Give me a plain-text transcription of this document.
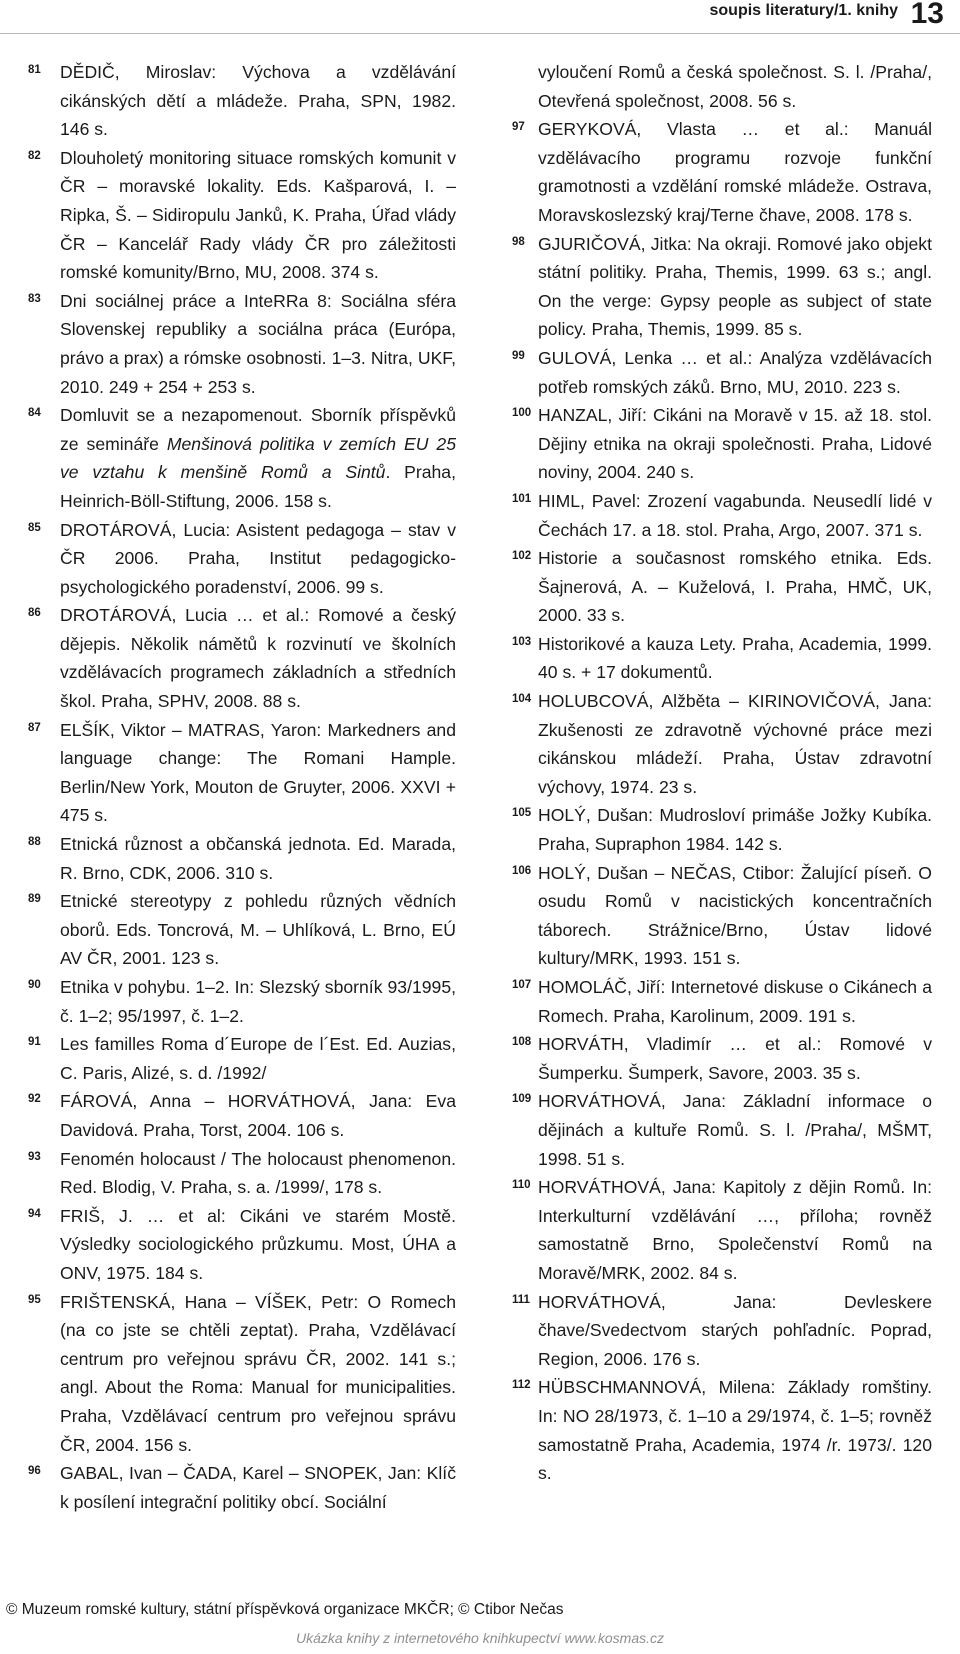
soupis literatury/1. knihy 13
81 DĚDIČ, Miroslav: Výchova a vzdělávání cikánských dětí a mládeže. Praha, SPN, 1982. 146 s.
82 Dlouholetý monitoring situace romských komunit v ČR – moravské lokality. Eds. Kašparová, I. – Ripka, Š. – Sidiropulu Janků, K. Praha, Úřad vlády ČR – Kancelář Rady vlády ČR pro záležitosti romské komunity/Brno, MU, 2008. 374 s.
83 Dni sociálnej práce a InteRRa 8: Sociálna sféra Slovenskej republiky a sociálna práca (Európa, právo a prax) a rómske osobnosti. 1–3. Nitra, UKF, 2010. 249 + 254 + 253 s.
84 Domluvit se a nezapomenout. Sborník příspěvků ze semináře Menšinová politika v zemích EU 25 ve vztahu k menšině Romů a Sintů. Praha, Heinrich-Böll-Stiftung, 2006. 158 s.
85 DROTÁROVÁ, Lucia: Asistent pedagoga – stav v ČR 2006. Praha, Institut pedagogicko-psychologického poradenství, 2006. 99 s.
86 DROTÁROVÁ, Lucia … et al.: Romové a český dějepis. Několik námětů k rozvinutí ve školních vzdělávacích programech základních a středních škol. Praha, SPHV, 2008. 88 s.
87 ELŠÍK, Viktor – MATRAS, Yaron: Markedners and language change: The Romani Hample. Berlin/New York, Mouton de Gruyter, 2006. XXVI + 475 s.
88 Etnická různost a občanská jednota. Ed. Marada, R. Brno, CDK, 2006. 310 s.
89 Etnické stereotypy z pohledu různých vědních oborů. Eds. Toncrová, M. – Uhlíková, L. Brno, EÚ AV ČR, 2001. 123 s.
90 Etnika v pohybu. 1–2. In: Slezský sborník 93/1995, č. 1–2; 95/1997, č. 1–2.
91 Les familles Roma d´Europe de l´Est. Ed. Auzias, C. Paris, Alizé, s. d. /1992/
92 FÁROVÁ, Anna – HORVÁTHOVÁ, Jana: Eva Davidová. Praha, Torst, 2004. 106 s.
93 Fenomén holocaust / The holocaust phenomenon. Red. Blodig, V. Praha, s. a. /1999/, 178 s.
94 FRIŠ, J. … et al: Cikáni ve starém Mostě. Výsledky sociologického průzkumu. Most, ÚHA a ONV, 1975. 184 s.
95 FRIŠTENSKÁ, Hana – VÍŠEK, Petr: O Romech (na co jste se chtěli zeptat). Praha, Vzdělávací centrum pro veřejnou správu ČR, 2002. 141 s.; angl. About the Roma: Manual for municipalities. Praha, Vzdělávací centrum pro veřejnou správu ČR, 2004. 156 s.
96 GABAL, Ivan – ČADA, Karel – SNOPEK, Jan: Klíč k posílení integrační politiky obcí. Sociální
vyloučení Romů a česká společnost. S. l. /Praha/, Otevřená společnost, 2008. 56 s.
97 GERYKOVÁ, Vlasta … et al.: Manuál vzdělávacího programu rozvoje funkční gramotnosti a vzdělání romské mládeže. Ostrava, Moravskoslezský kraj/Terne čhave, 2008. 178 s.
98 GJURIČOVÁ, Jitka: Na okraji. Romové jako objekt státní politiky. Praha, Themis, 1999. 63 s.; angl. On the verge: Gypsy people as subject of state policy. Praha, Themis, 1999. 85 s.
99 GULOVÁ, Lenka … et al.: Analýza vzdělávacích potřeb romských záků. Brno, MU, 2010. 223 s.
100 HANZAL, Jiří: Cikáni na Moravě v 15. až 18. stol. Dějiny etnika na okraji společnosti. Praha, Lidové noviny, 2004. 240 s.
101 HIML, Pavel: Zrození vagabunda. Neusedlí lidé v Čechách 17. a 18. stol. Praha, Argo, 2007. 371 s.
102 Historie a současnost romského etnika. Eds. Šajnerová, A. – Kuželová, I. Praha, HMČ, UK, 2000. 33 s.
103 Historikové a kauza Lety. Praha, Academia, 1999. 40 s. + 17 dokumentů.
104 HOLUBCOVÁ, Alžběta – KIRINOVIČOVÁ, Jana: Zkušenosti ze zdravotně výchovné práce mezi cikánskou mládeží. Praha, Ústav zdravotní výchovy, 1974. 23 s.
105 HOLÝ, Dušan: Mudrosloví primáše Jožky Kubíka. Praha, Supraphon 1984. 142 s.
106 HOLÝ, Dušan – NEČAS, Ctibor: Žalující píseň. O osudu Romů v nacistických koncentračních táborech. Strážnice/Brno, Ústav lidové kultury/MRK, 1993. 151 s.
107 HOMOLÁČ, Jiří: Internetové diskuse o Cikánech a Romech. Praha, Karolinum, 2009. 191 s.
108 HORVÁTH, Vladimír … et al.: Romové v Šumperku. Šumperk, Savore, 2003. 35 s.
109 HORVÁTHOVÁ, Jana: Základní informace o dějinách a kultuře Romů. S. l. /Praha/, MŠMT, 1998. 51 s.
110 HORVÁTHOVÁ, Jana: Kapitoly z dějin Romů. In: Interkulturní vzdělávání …, příloha; rovněž samostatně Brno, Společenství Romů na Moravě/MRK, 2002. 84 s.
111 HORVÁTHOVÁ, Jana: Devleskere čhave/Svedectvom starých pohľadníc. Poprad, Region, 2006. 176 s.
112 HÜBSCHMANNOVÁ, Milena: Základy romštiny. In: NO 28/1973, č. 1–10 a 29/1974, č. 1–5; rovněž samostatně Praha, Academia, 1974 /r. 1973/. 120 s.
© Muzeum romské kultury, státní příspěvková organizace MKČR; © Ctibor Nečas
Ukázka knihy z internetového knihkupectví www.kosmas.cz
